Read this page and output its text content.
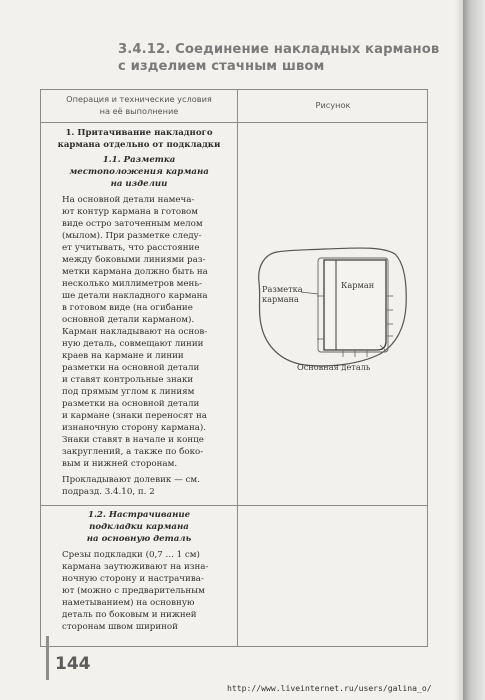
3.4.12. Соединение накладных карманов
с изделием стачным швом
Операция и технические условия
на её выполнение
Рисунок
1. Притачивание накладного
кармана отдельно от подкладки
1.1. Разметка
местоположения кармана
на изделии
На основной детали намеча-
ют контур кармана в готовом
виде остро заточенным мелом
(мылом). При разметке следу-
ет учитывать, что расстояние
между боковыми линиями раз-
метки кармана должно быть на
несколько миллиметров мень-
ше детали накладного кармана
в готовом виде (на огибание
основной детали карманом).
Карман накладывают на основ-
ную деталь, совмещают линии
краев на кармане и линии
разметки на основной детали
и ставят контрольные знаки
под прямым углом к линиям
разметки на основной детали
и кармане (знаки переносят на
изнаночную сторону кармана).
Знаки ставят в начале и конце
закруглений, а также по боко-
вым и нижней сторонам.
Прокладывают долевик — см.
подразд. 3.4.10, п. 2
1.2. Настрачивание
подкладки кармана
на основную деталь
Срезы подкладки (0,7 ... 1 см)
кармана заутюживают на изна-
ночную сторону и настрачива-
ют (можно с предварительным
наметыванием) на основную
деталь по боковым и нижней
сторонам швом шириной
Разметка
кармана
Карман
Основная деталь
144
http://www.liveinternet.ru/users/galina_o/
